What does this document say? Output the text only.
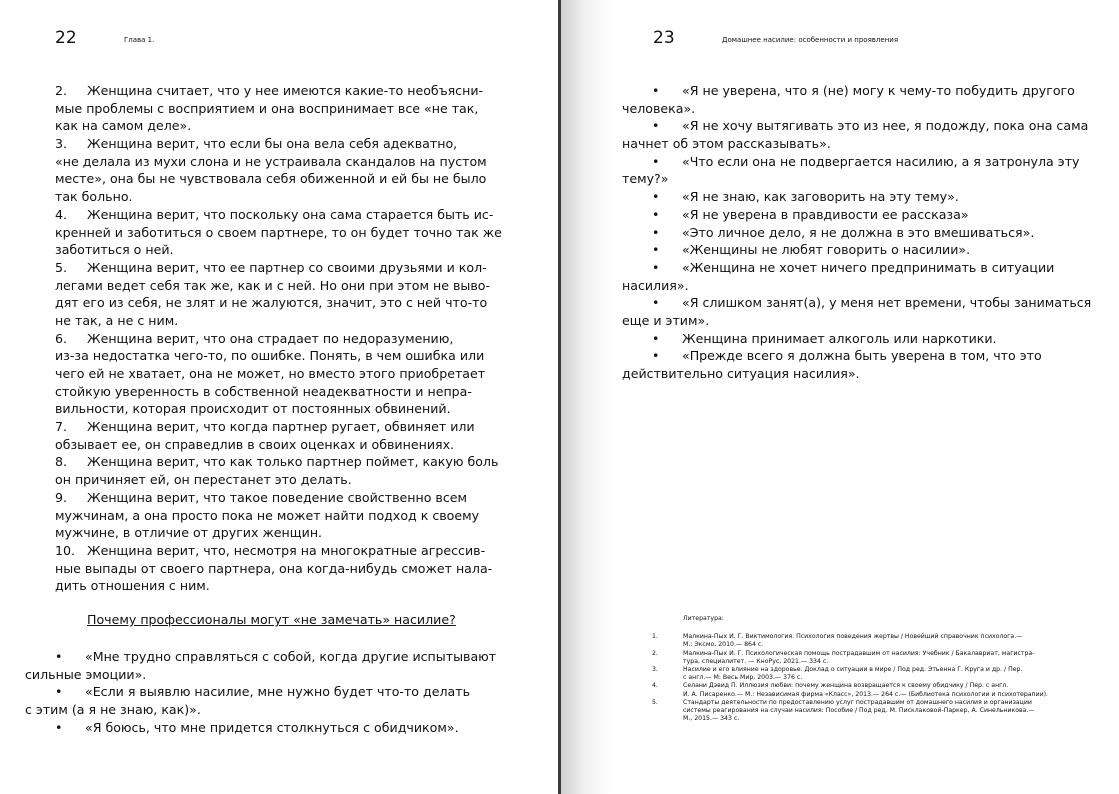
22	Глава 1.
2. Женщина считает, что у нее имеются какие-то необъясни-
мые проблемы с восприятием и она воспринимает все «не так,
как на самом деле».
3. Женщина верит, что если бы она вела себя адекватно,
«не делала из мухи слона и не устраивала скандалов на пустом
месте», она бы не чувствовала себя обиженной и ей бы не было
так больно.
4. Женщина верит, что поскольку она сама старается быть ис-
кренней и заботиться о своем партнере, то он будет точно так же
заботиться о ней.
5. Женщина верит, что ее партнер со своими друзьями и кол-
легами ведет себя так же, как и с ней. Но они при этом не выво-
дят его из себя, не злят и не жалуются, значит, это с ней что-то
не так, а не с ним.
6. Женщина верит, что она страдает по недоразумению,
из-за недостатка чего-то, по ошибке. Понять, в чем ошибка или
чего ей не хватает, она не может, но вместо этого приобретает
стойкую уверенность в собственной неадекватности и непра-
вильности, которая происходит от постоянных обвинений.
7. Женщина верит, что когда партнер ругает, обвиняет или
обзывает ее, он справедлив в своих оценках и обвинениях.
8. Женщина верит, что как только партнер поймет, какую боль
он причиняет ей, он перестанет это делать.
9. Женщина верит, что такое поведение свойственно всем
мужчинам, а она просто пока не может найти подход к своему
мужчине, в отличие от других женщин.
10. Женщина верит, что, несмотря на многократные агрессив-
ные выпады от своего партнера, она когда-нибудь сможет нала-
дить отношения с ним.
Почему профессионалы могут «не замечать» насилие?
• «Мне трудно справляться с собой, когда другие испытывают
сильные эмоции».
• «Если я выявлю насилие, мне нужно будет что-то делать
с этим (а я не знаю, как)».
• «Я боюсь, что мне придется столкнуться с обидчиком».
23	Домашнее насилие: особенности и проявления
• «Я не уверена, что я (не) могу к чему-то побудить другого
человека».
• «Я не хочу вытягивать это из нее, я подожду, пока она сама
начнет об этом рассказывать».
• «Что если она не подвергается насилию, а я затронула эту
тему?»
• «Я не знаю, как заговорить на эту тему».
• «Я не уверена в правдивости ее рассказа»
• «Это личное дело, я не должна в это вмешиваться».
• «Женщины не любят говорить о насилии».
• «Женщина не хочет ничего предпринимать в ситуации
насилия».
• «Я слишком занят(а), у меня нет времени, чтобы заниматься
еще и этим».
• Женщина принимает алкоголь или наркотики.
• «Прежде всего я должна быть уверена в том, что это
действительно ситуация насилия».
Литература:
1.	Малкина-Пых И. Г. Виктимология. Психология поведения жертвы / Новейший справочник психолога.—
М.: Эксмо, 2010.— 864 с.
2.	Малкина-Пых И. Г. Психологическая помощь пострадавшим от насилия: Учебник / Бакалавриат, магистра-
тура, специалитет. — КноРус, 2021.— 334 с.
3.	Насилие и его влияние на здоровье. Доклад о ситуации в мире / Под ред. Этьенна Г. Круга и др. / Пер.
с англ.— М: Весь Мир, 2003.— 376 с.
4.	Селани Дэвид П. Иллюзия любви: почему женщина возвращается к своему обидчику / Пер. с англ.
И. А. Писаренко.— М.: Независимая фирма «Класс», 2013.— 264 с.— (Библиотека психологии и психотерапии).
5.	Стандарты деятельности по предоставлению услуг пострадавшим от домашнего насилия и организации
системы реагирования на случаи насилия: Пособие / Под ред. М. Писклаковой-Паркер, А. Синельникова.—
М., 2015.— 343 с.
